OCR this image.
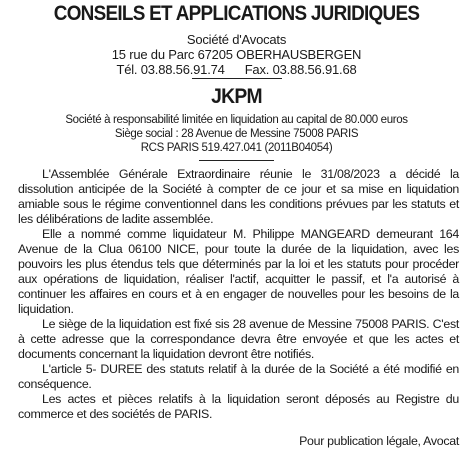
CONSEILS ET APPLICATIONS JURIDIQUES
Société d'Avocats
15 rue du Parc 67205 OBERHAUSBERGEN
Tél. 03.88.56.91.74 Fax. 03.88.56.91.68
JKPM
Société à responsabilité limitée en liquidation au capital de 80.000 euros
Siège social : 28 Avenue de Messine 75008 PARIS
RCS PARIS 519.427.041 (2011B04054)

L'Assemblée Générale Extraordinaire réunie le 31/08/2023 a décidé la dissolution anticipée de la Société à compter de ce jour et sa mise en liquidation amiable sous le régime conventionnel dans les conditions prévues par les statuts et les délibérations de ladite assemblée.

Elle a nommé comme liquidateur M. Philippe MANGEARD demeurant 164 Avenue de la Clua 06100 NICE, pour toute la durée de la liquidation, avec les pouvoirs les plus étendus tels que déterminés par la loi et les statuts pour procéder aux opérations de liquidation, réaliser l'actif, acquitter le passif, et l'a autorisé à continuer les affaires en cours et à en engager de nouvelles pour les besoins de la liquidation.

Le siège de la liquidation est fixé sis 28 avenue de Messine 75008 PARIS. C'est à cette adresse que la correspondance devra être envoyée et que les actes et documents concernant la liquidation devront être notifiés.

L'article 5- DUREE des statuts relatif à la durée de la Société a été modifié en conséquence.

Les actes et pièces relatifs à la liquidation seront déposés au Registre du commerce et des sociétés de PARIS.

Pour publication légale, Avocat
